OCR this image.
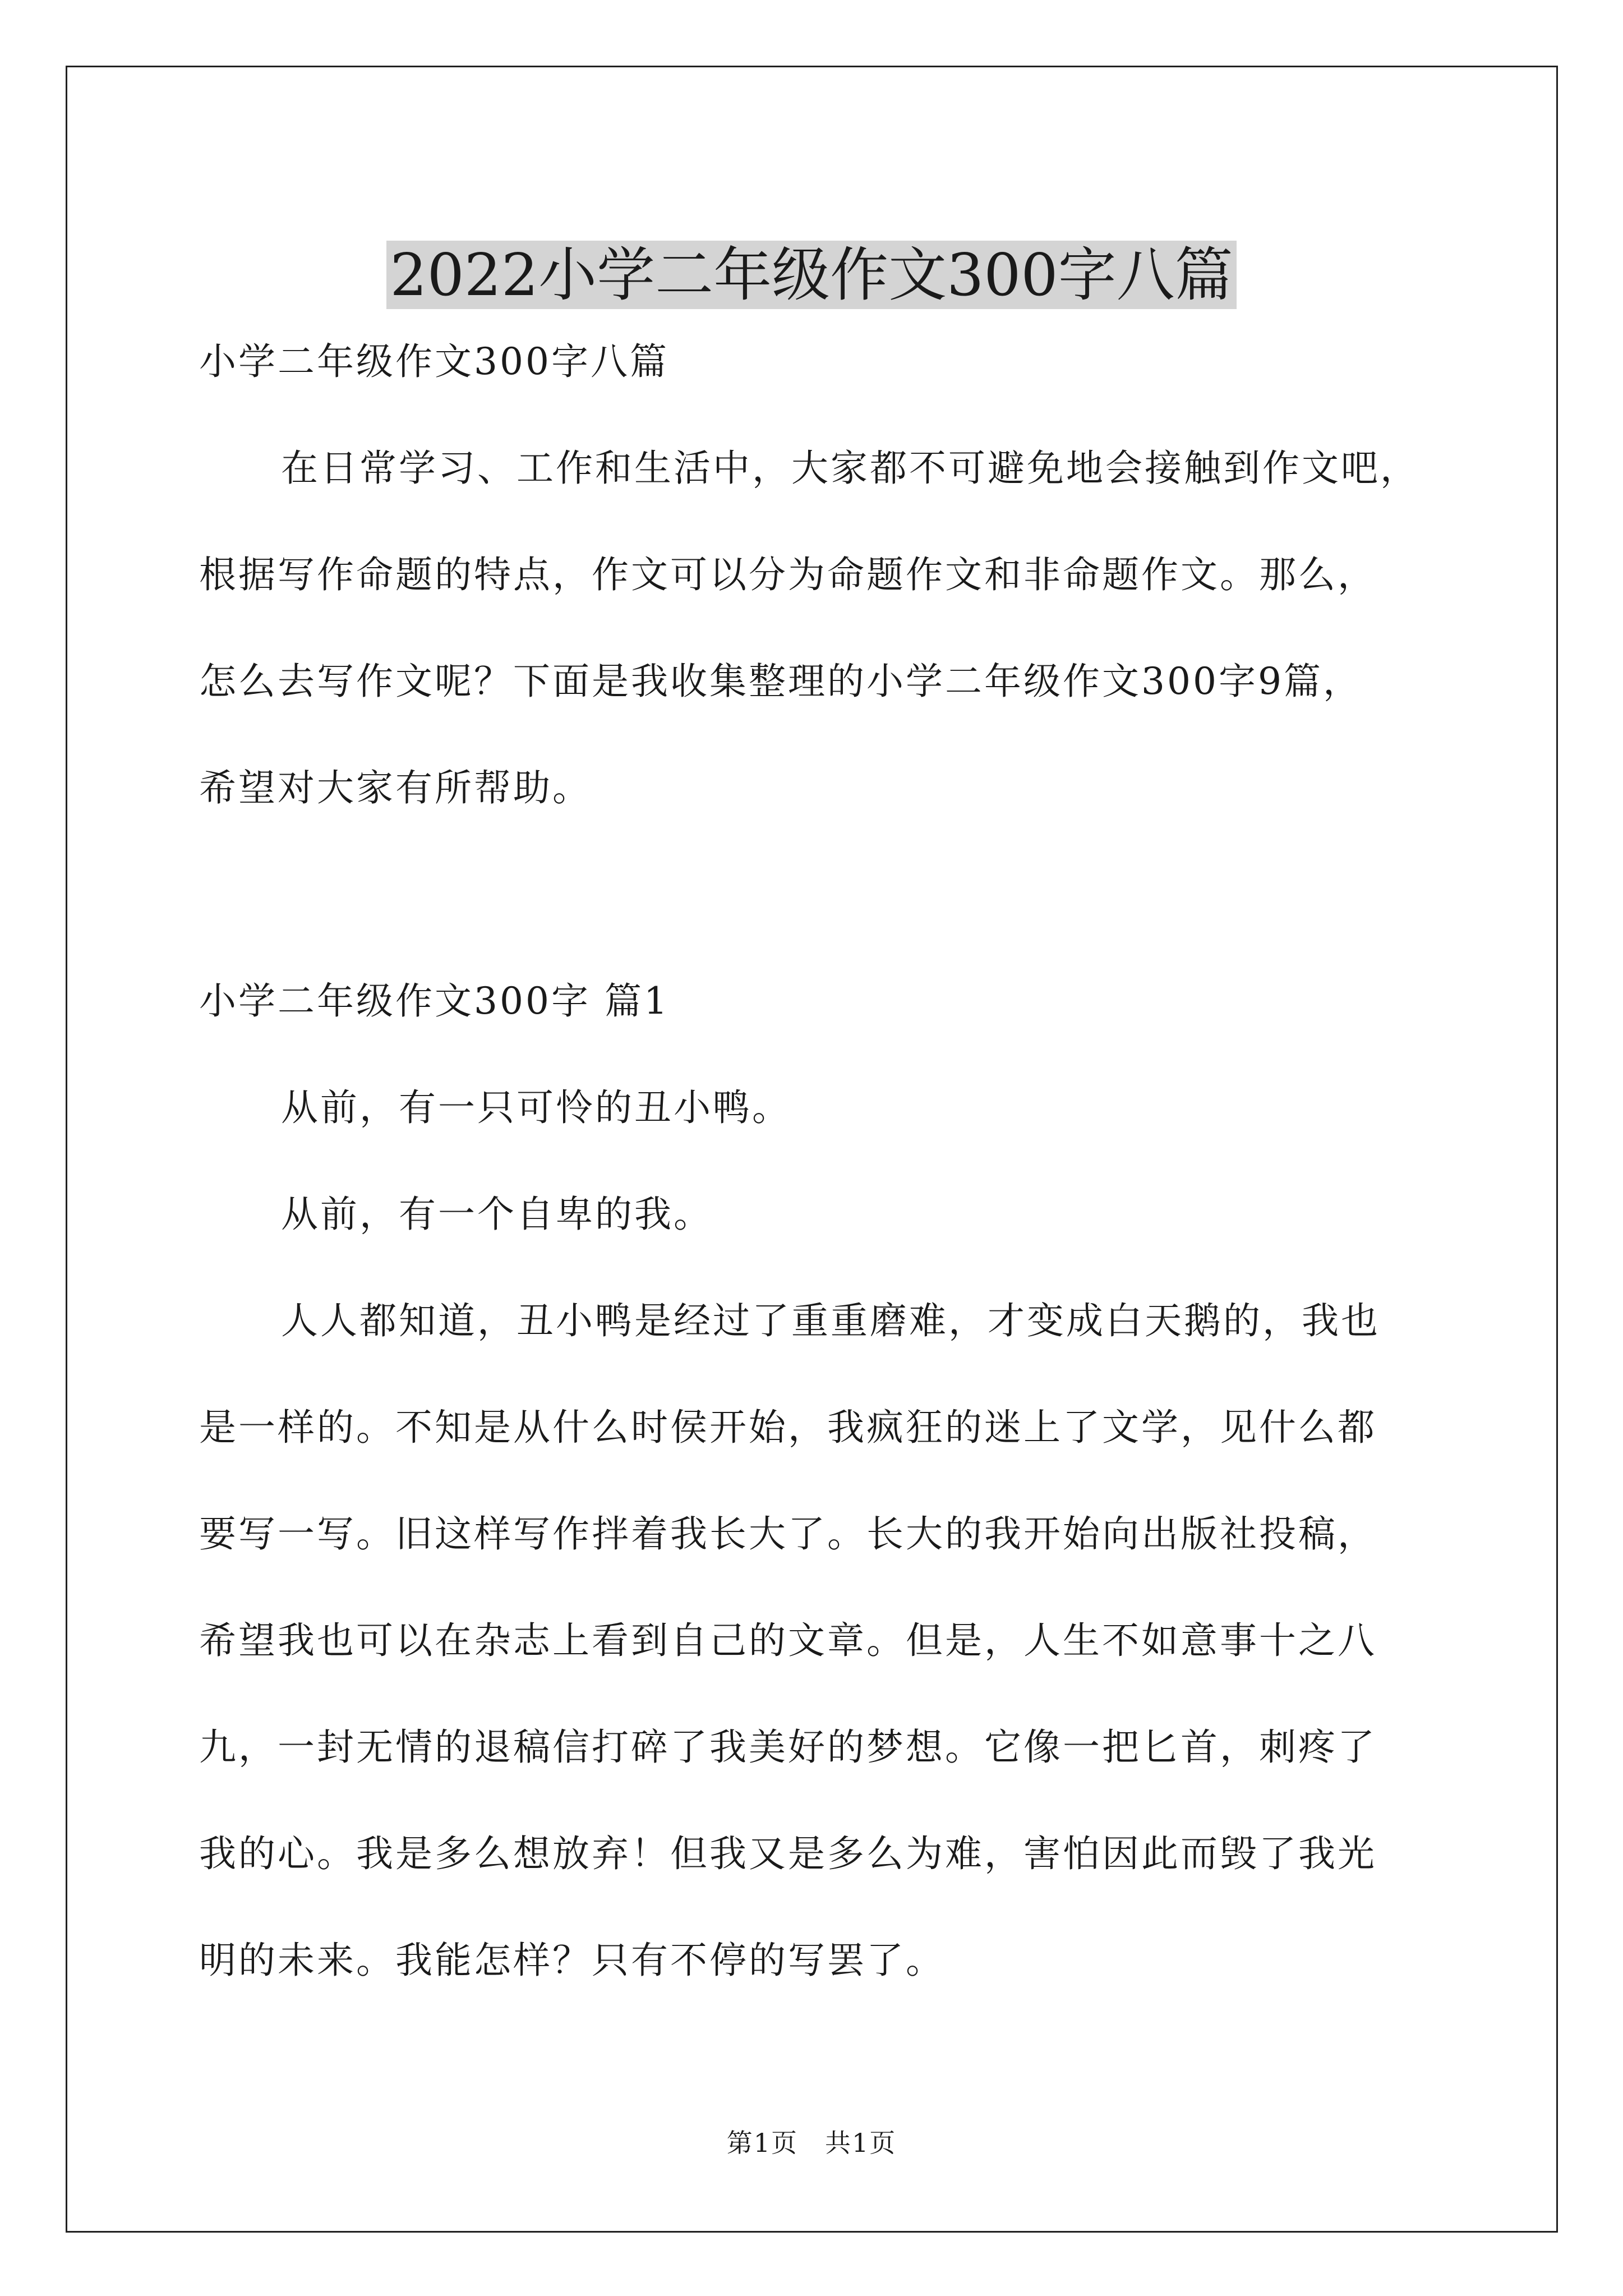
2022小学二年级作文300字八篇
小学二年级作文300字八篇
在日常学习、工作和生活中，大家都不可避免地会接触到作文吧，
根据写作命题的特点，作文可以分为命题作文和非命题作文。那么，
怎么去写作文呢？下面是我收集整理的小学二年级作文300字9篇，
希望对大家有所帮助。
小学二年级作文300字 篇1
从前，有一只可怜的丑小鸭。
从前，有一个自卑的我。
人人都知道，丑小鸭是经过了重重磨难，才变成白天鹅的，我也
是一样的。不知是从什么时侯开始，我疯狂的迷上了文学，见什么都
要写一写。旧这样写作拌着我长大了。长大的我开始向出版社投稿，
希望我也可以在杂志上看到自己的文章。但是，人生不如意事十之八
九，一封无情的退稿信打碎了我美好的梦想。它像一把匕首，刺疼了
我的心。我是多么想放弃！但我又是多么为难，害怕因此而毁了我光
明的未来。我能怎样？只有不停的写罢了。
第1页　共1页
